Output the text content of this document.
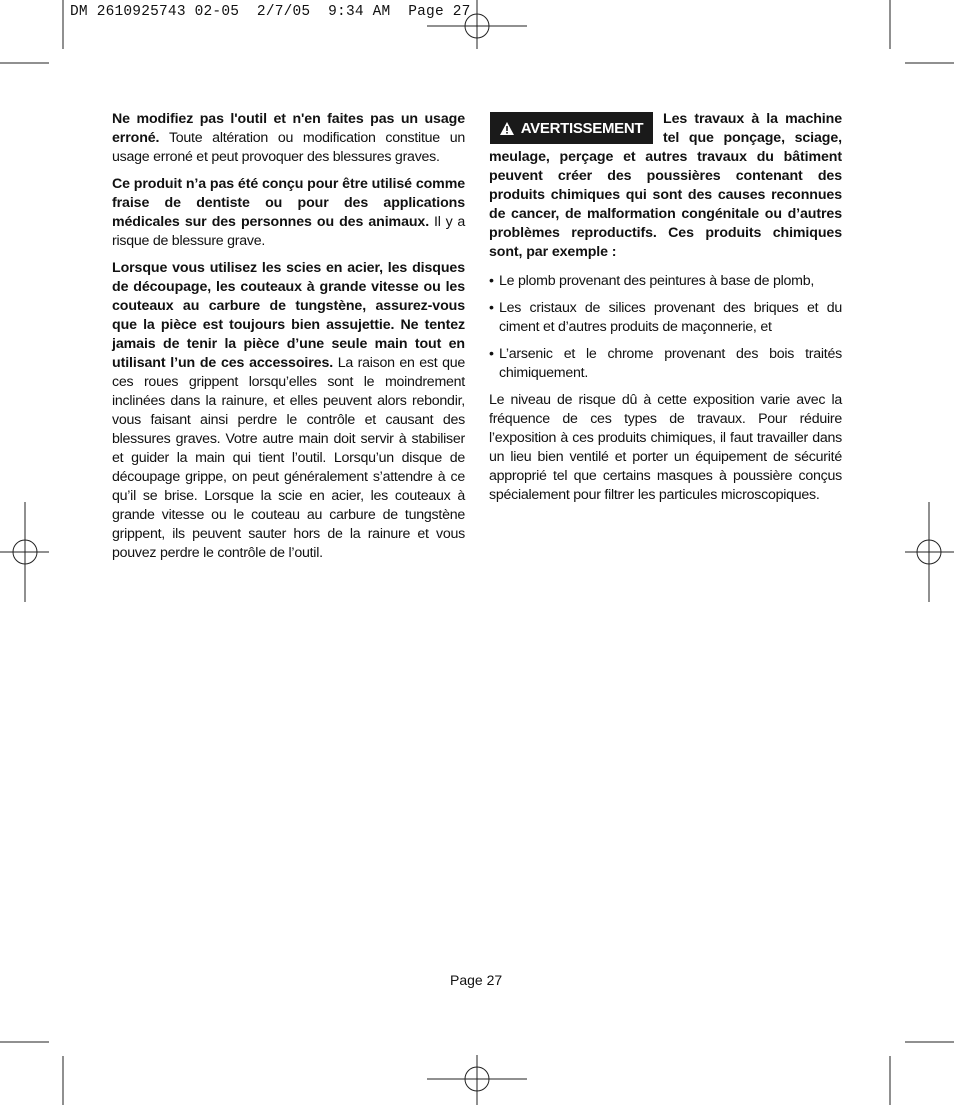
DM 2610925743 02-05  2/7/05  9:34 AM  Page 27

Ne modifiez pas l'outil et n'en faites pas un usage erroné. Toute altération ou modification constitue un usage erroné et peut provoquer des blessures graves.

Ce produit n’a pas été conçu pour être utilisé comme fraise de dentiste ou pour des applications médicales sur des personnes ou des animaux. Il y a risque de blessure grave.

Lorsque vous utilisez les scies en acier, les disques de découpage, les couteaux à grande vitesse ou les couteaux au carbure de tungstène, assurez-vous que la pièce est toujours bien assujettie. Ne tentez jamais de tenir la pièce d’une seule main tout en utilisant l’un de ces accessoires. La raison en est que ces roues grippent lorsqu’elles sont le moindrement inclinées dans la rainure, et elles peuvent alors rebondir, vous faisant ainsi perdre le contrôle et causant des blessures graves. Votre autre main doit servir à stabiliser et guider la main qui tient l’outil. Lorsqu’un disque de découpage grippe, on peut généralement s’attendre à ce qu’il se brise. Lorsque la scie en acier, les couteaux à grande vitesse ou le couteau au carbure de tungstène grippent, ils peuvent sauter hors de la rainure et vous pouvez perdre le contrôle de l’outil.

AVERTISSEMENT
Les travaux à la machine tel que ponçage, sciage, meulage, perçage et autres travaux du bâtiment peuvent créer des poussières contenant des produits chimiques qui sont des causes reconnues de cancer, de malformation congénitale ou d’autres problèmes reproductifs. Ces produits chimiques sont, par exemple :
• Le plomb provenant des peintures à base de plomb,
• Les cristaux de silices provenant des briques et du ciment et d’autres produits de maçonnerie, et
• L’arsenic et le chrome provenant des bois traités chimiquement.

Le niveau de risque dû à cette exposition varie avec la fréquence de ces types de travaux. Pour réduire l’exposition à ces produits chimiques, il faut travailler dans un lieu bien ventilé et porter un équipement de sécurité approprié tel que certains masques à poussière conçus spécialement pour filtrer les particules microscopiques.

Page 27
